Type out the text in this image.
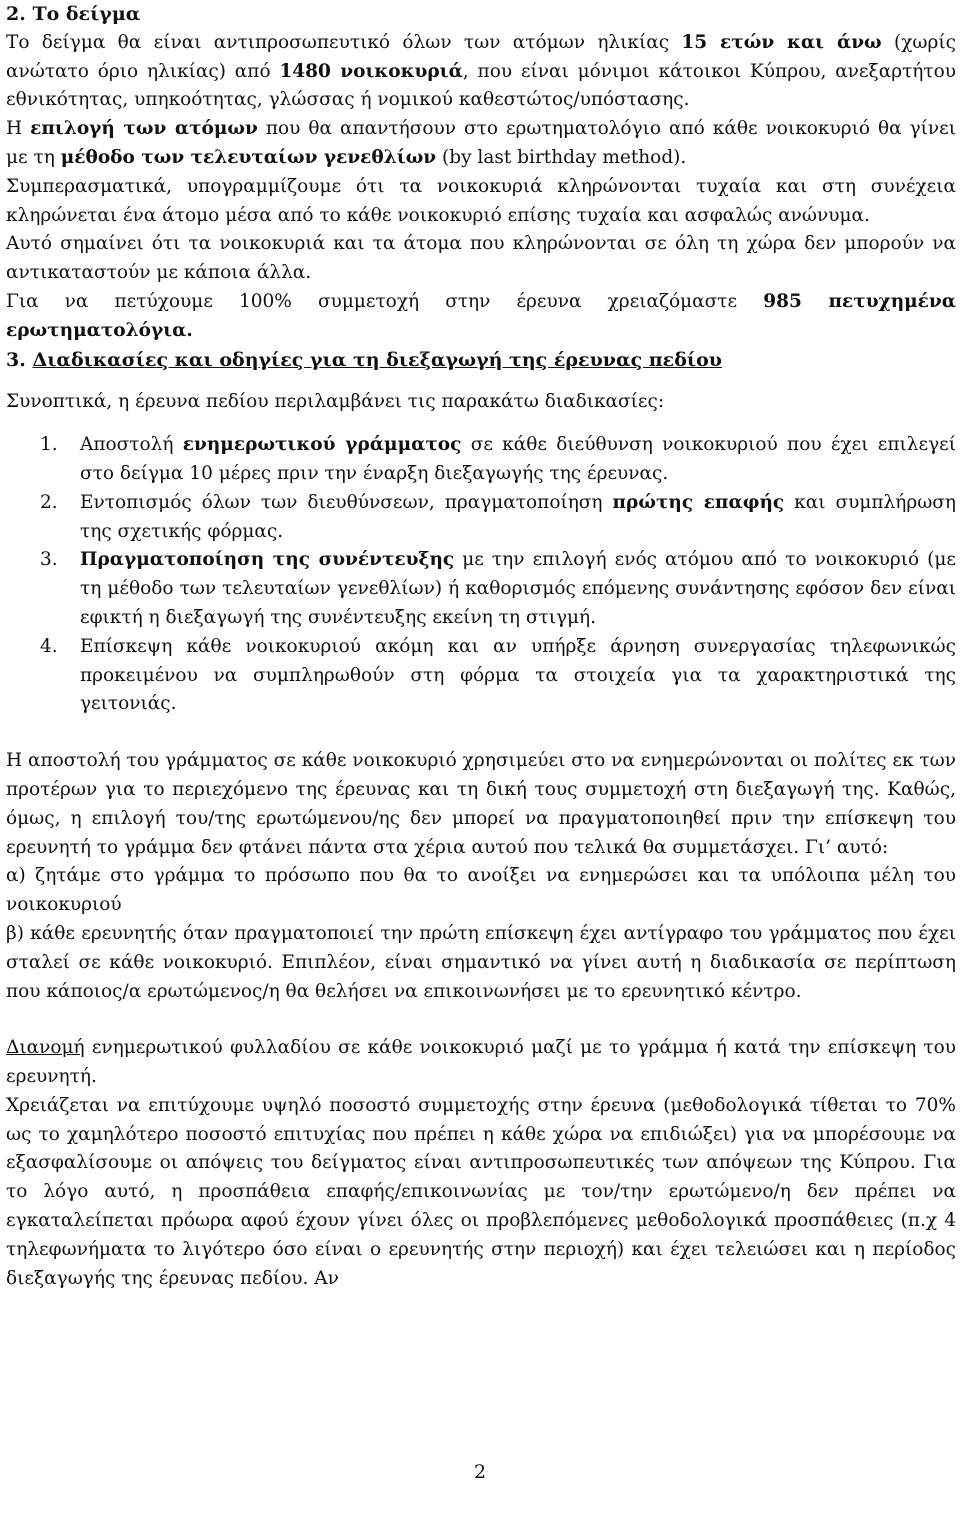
2. Το δείγμα

Το δείγμα θα είναι αντιπροσωπευτικό όλων των ατόμων ηλικίας 15 ετών και άνω (χωρίς ανώτατο όριο ηλικίας) από 1480 νοικοκυριά, που είναι μόνιμοι κάτοικοι Κύπρου, ανεξαρτήτου εθνικότητας, υπηκοότητας, γλώσσας ή νομικού καθεστώτος/υπόστασης.

Η επιλογή των ατόμων που θα απαντήσουν στο ερωτηματολόγιο από κάθε νοικοκυριό θα γίνει με τη μέθοδο των τελευταίων γενεθλίων (by last birthday method).

Συμπερασματικά, υπογραμμίζουμε ότι τα νοικοκυριά κληρώνονται τυχαία και στη συνέχεια κληρώνεται ένα άτομο μέσα από το κάθε νοικοκυριό επίσης τυχαία και ασφαλώς ανώνυμα.

Αυτό σημαίνει ότι τα νοικοκυριά και τα άτομα που κληρώνονται σε όλη τη χώρα δεν μπορούν να αντικαταστούν με κάποια άλλα.

Για να πετύχουμε 100% συμμετοχή στην έρευνα χρειαζόμαστε 985 πετυχημένα ερωτηματολόγια.

3. Διαδικασίες και οδηγίες για τη διεξαγωγή της έρευνας πεδίου

Συνοπτικά, η έρευνα πεδίου περιλαμβάνει τις παρακάτω διαδικασίες:

1.	Αποστολή ενημερωτικού γράμματος σε κάθε διεύθυνση νοικοκυριού που έχει επιλεγεί στο δείγμα 10 μέρες πριν την έναρξη διεξαγωγής της έρευνας.
2.	Εντοπισμός όλων των διευθύνσεων, πραγματοποίηση πρώτης επαφής και συμπλήρωση της σχετικής φόρμας.
3.	Πραγματοποίηση της συνέντευξης με την επιλογή ενός ατόμου από το νοικοκυριό (με τη μέθοδο των τελευταίων γενεθλίων) ή καθορισμός επόμενης συνάντησης εφόσον δεν είναι εφικτή η διεξαγωγή της συνέντευξης εκείνη τη στιγμή.
4.	Επίσκεψη κάθε νοικοκυριού ακόμη και αν υπήρξε άρνηση συνεργασίας τηλεφωνικώς προκειμένου να συμπληρωθούν στη φόρμα τα στοιχεία για τα χαρακτηριστικά της γειτονιάς.

Η αποστολή του γράμματος σε κάθε νοικοκυριό χρησιμεύει στο να ενημερώνονται οι πολίτες εκ των προτέρων για το περιεχόμενο της έρευνας και τη δική τους συμμετοχή στη διεξαγωγή της. Καθώς, όμως, η επιλογή του/της ερωτώμενου/ης δεν μπορεί να πραγματοποιηθεί πριν την επίσκεψη του ερευνητή το γράμμα δεν φτάνει πάντα στα χέρια αυτού που τελικά θα συμμετάσχει. Γι’ αυτό:

α) ζητάμε στο γράμμα το πρόσωπο που θα το ανοίξει να ενημερώσει και τα υπόλοιπα μέλη του νοικοκυριού

β) κάθε ερευνητής όταν πραγματοποιεί την πρώτη επίσκεψη έχει αντίγραφο του γράμματος που έχει σταλεί σε κάθε νοικοκυριό. Επιπλέον, είναι σημαντικό να γίνει αυτή η διαδικασία σε περίπτωση που κάποιος/α ερωτώμενος/η θα θελήσει να επικοινωνήσει με το ερευνητικό κέντρο.

Διανομή ενημερωτικού φυλλαδίου σε κάθε νοικοκυριό μαζί με το γράμμα ή κατά την επίσκεψη του ερευνητή.

Χρειάζεται να επιτύχουμε υψηλό ποσοστό συμμετοχής στην έρευνα (μεθοδολογικά τίθεται το 70% ως το χαμηλότερο ποσοστό επιτυχίας που πρέπει η κάθε χώρα να επιδιώξει) για να μπορέσουμε να εξασφαλίσουμε οι απόψεις του δείγματος είναι αντιπροσωπευτικές των απόψεων της Κύπρου. Για το λόγο αυτό, η προσπάθεια επαφής/επικοινωνίας με τον/την ερωτώμενο/η δεν πρέπει να εγκαταλείπεται πρόωρα αφού έχουν γίνει όλες οι προβλεπόμενες μεθοδολογικά προσπάθειες (π.χ 4 τηλεφωνήματα το λιγότερο όσο είναι ο ερευνητής στην περιοχή) και έχει τελειώσει και η περίοδος διεξαγωγής της έρευνας πεδίου. Αν

2
